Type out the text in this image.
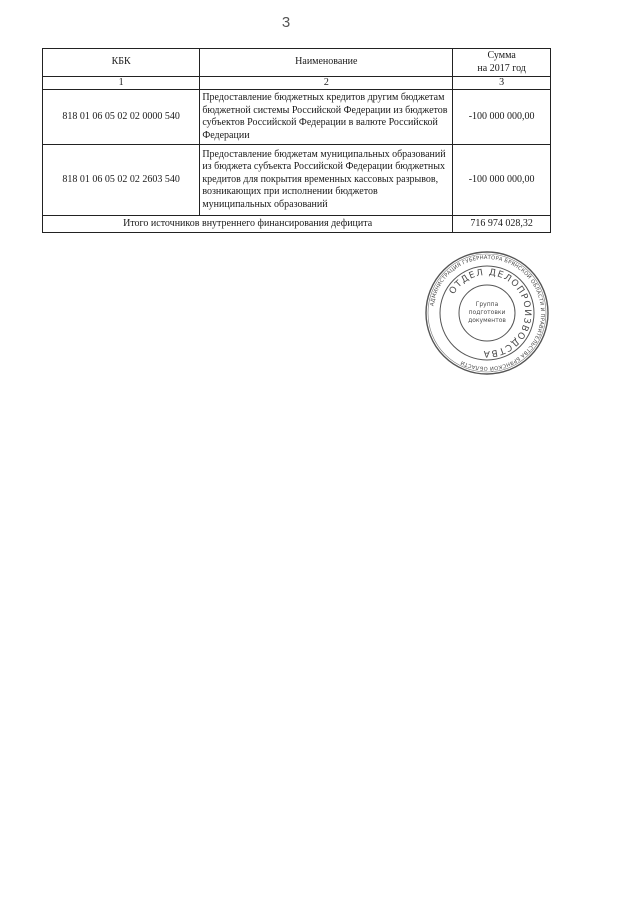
3
КБК	Наименование	Сумма
на 2017 год

1	2	3
818 01 06 05 02 02 0000 540	Предоставление бюджетных кредитов другим бюджетам бюджетной системы Российской Федерации из бюджетов субъектов Российской Федерации в валюте Российской Федерации	-100 000 000,00
818 01 06 05 02 02 2603 540	Предоставление бюджетам муниципальных образований из бюджета субъекта Российской Федерации бюджетных кредитов для покрытия временных кассовых разрывов, возникающих при исполнении бюджетов муниципальных образований	-100 000 000,00
Итого источников внутреннего финансирования дефицита		716 974 028,32
АДМИНИСТРАЦИЯ ГУБЕРНАТОРА БРЯНСКОЙ ОБЛАСТИ И ПРАВИТЕЛЬСТВА БРЯНСКОЙ ОБЛАСТИ
ОТДЕЛ ДЕЛОПРОИЗВОДСТВА
Группа
подготовки
документов
